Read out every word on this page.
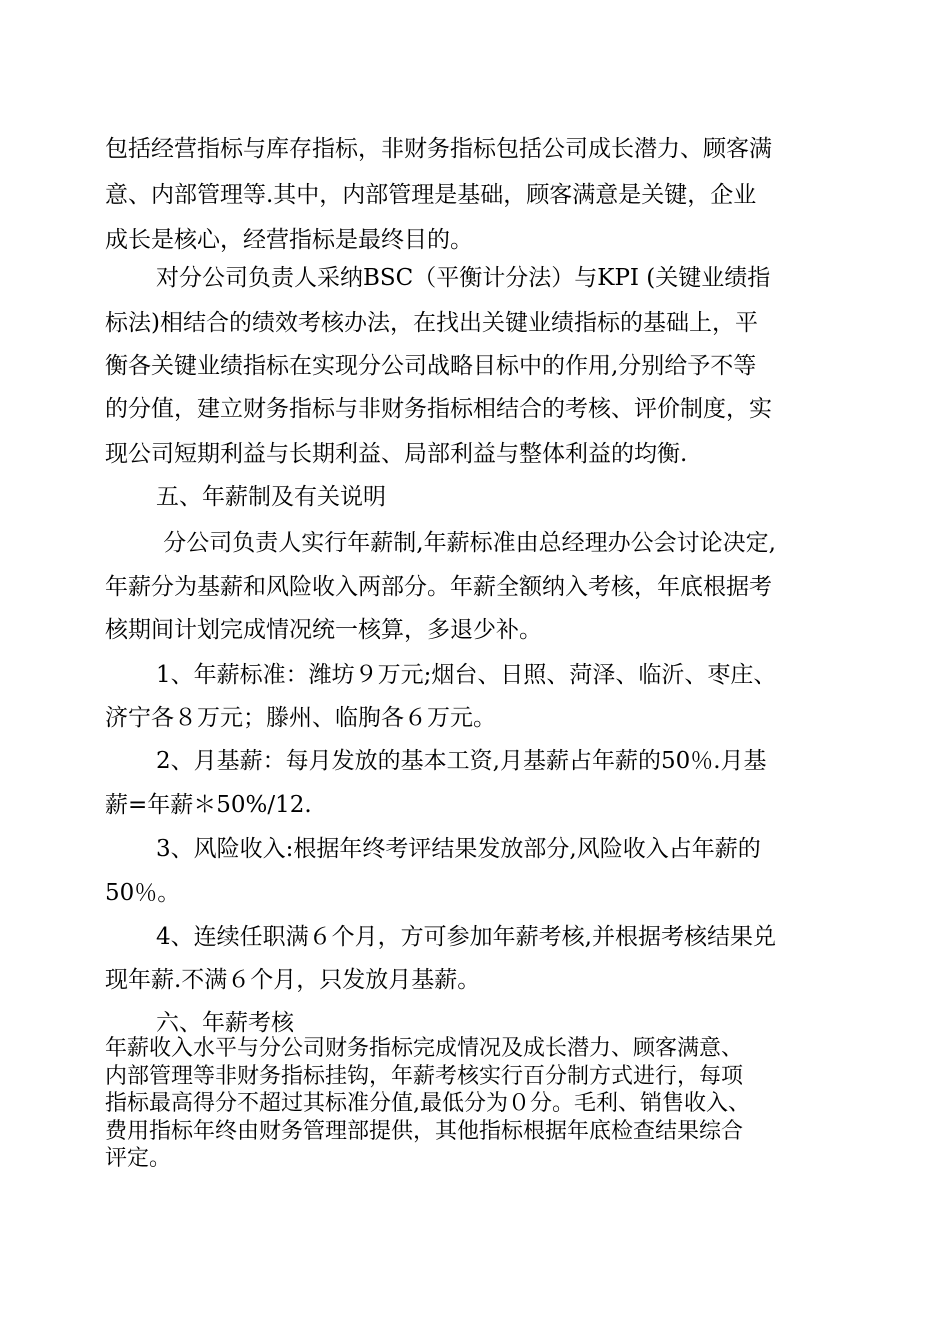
包括经营指标与库存指标，非财务指标包括公司成长潜力、顾客满
意、内部管理等.其中，内部管理是基础，顾客满意是关键，企业
成长是核心，经营指标是最终目的。
对分公司负责人采纳BSC（平衡计分法）与KPI (关键业绩指
标法)相结合的绩效考核办法，在找出关键业绩指标的基础上，平
衡各关键业绩指标在实现分公司战略目标中的作用,分别给予不等
的分值，建立财务指标与非财务指标相结合的考核、评价制度，实
现公司短期利益与长期利益、局部利益与整体利益的均衡.
五、年薪制及有关说明
分公司负责人实行年薪制,年薪标准由总经理办公会讨论决定,
年薪分为基薪和风险收入两部分。年薪全额纳入考核，年底根据考
核期间计划完成情况统一核算，多退少补。
1、年薪标准：潍坊９万元;烟台、日照、菏泽、临沂、枣庄、
济宁各８万元；滕州、临朐各６万元。
2、月基薪：每月发放的基本工资,月基薪占年薪的50％.月基
薪=年薪＊50%/12.
3、风险收入:根据年终考评结果发放部分,风险收入占年薪的
50％。
4、连续任职满６个月，方可参加年薪考核,并根据考核结果兑
现年薪.不满６个月，只发放月基薪。
六、年薪考核
年薪收入水平与分公司财务指标完成情况及成长潜力、顾客满意、
内部管理等非财务指标挂钩，年薪考核实行百分制方式进行，每项
指标最高得分不超过其标准分值,最低分为０分。毛利、销售收入、
费用指标年终由财务管理部提供，其他指标根据年底检查结果综合
评定。
